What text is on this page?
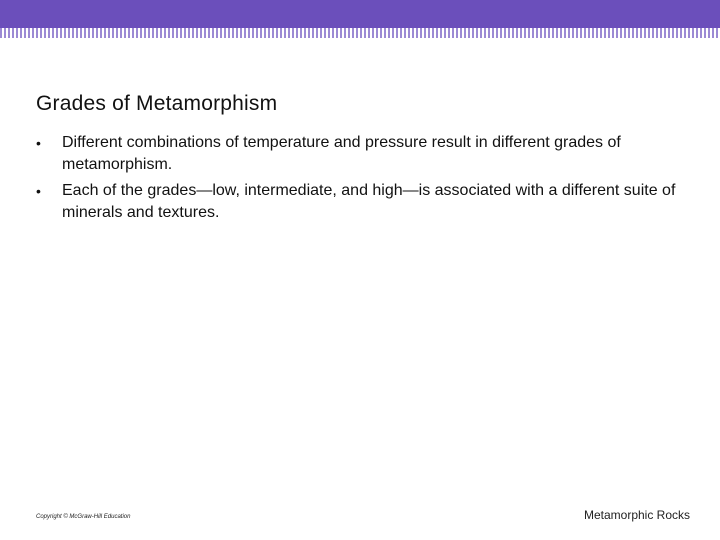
Grades of Metamorphism
•	Different combinations of temperature and pressure result in different grades of metamorphism.
•	Each of the grades—low, intermediate, and high—is associated with a different suite of minerals and textures.
Copyright © McGraw-Hill Education	Metamorphic Rocks
